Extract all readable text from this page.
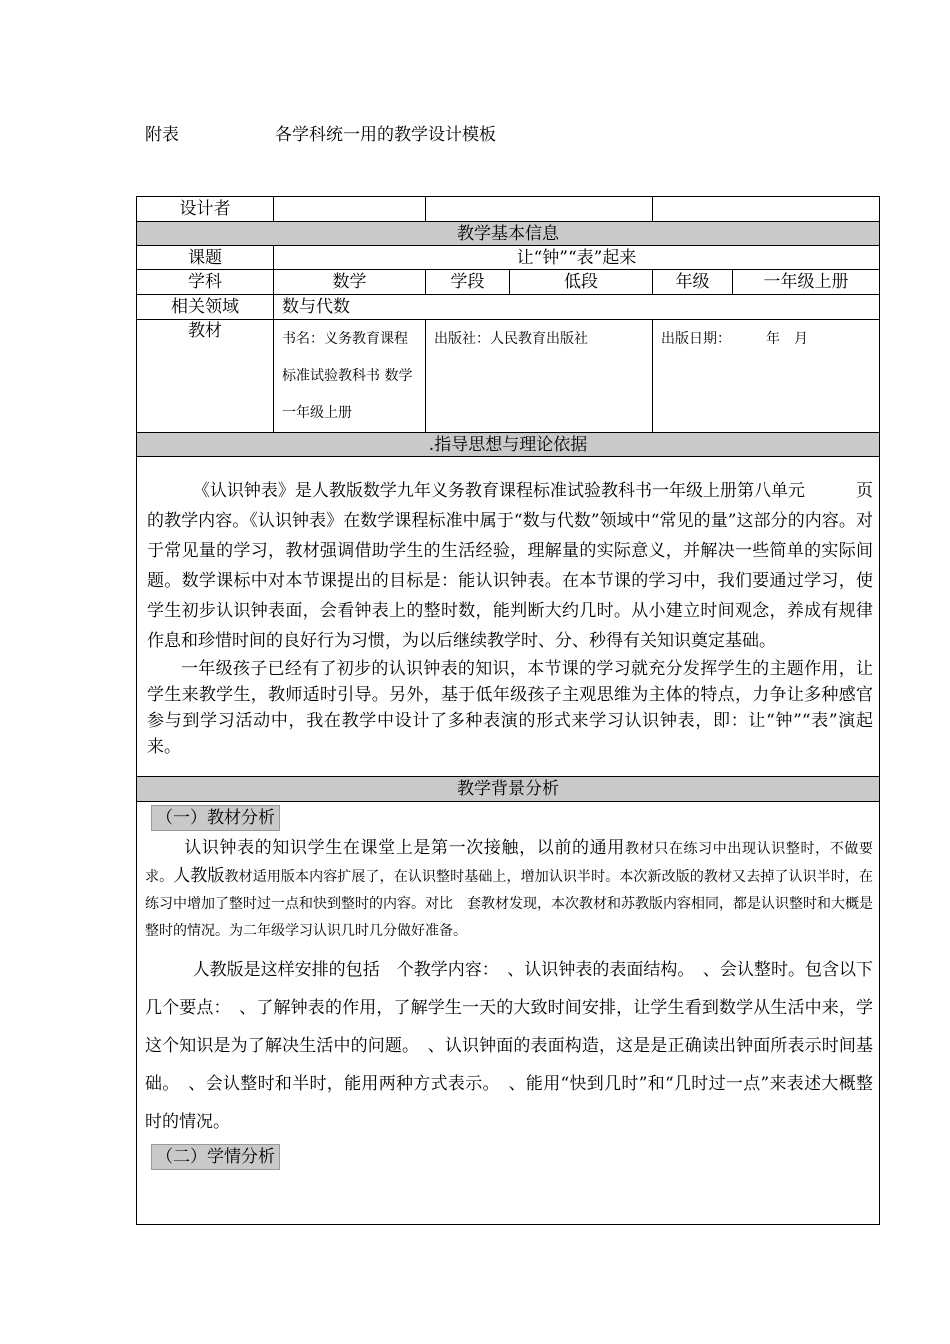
附表	各学科统一用的教学设计模板
设计者					
教学基本信息					
课题	让“钟”“表”起来				
学科	数学	学段	低段	年级	一年级上册
相关领域	数与代数				
教材	书名：义务教育课程标准试验教科书 数学 一年级上册	出版社：人民教育出版社		出版日期：　　　年　月	
.指导思想与理论依据					

《认识钟表》是人教版数学九年义务教育课程标准试验教科书一年级上册第八单元　　　页的教学内容。《认识钟表》在数学课程标准中属于“数与代数”领域中“常见的量”这部分的内容。对于常见量的学习，教材强调借助学生的生活经验，理解量的实际意义，并解决一些简单的实际间题。数学课标中对本节课提出的目标是：能认识钟表。在本节课的学习中，我们要通过学习，使学生初步认识钟表面，会看钟表上的整时数，能判断大约几时。从小建立时间观念，养成有规律作息和珍惜时间的良好行为习惯，为以后继续教学时、分、秒得有关知识奠定基础。

一年级孩子已经有了初步的认识钟表的知识，本节课的学习就充分发挥学生的主题作用，让学生来教学生，教师适时引导。另外，基于低年级孩子主观思维为主体的特点，力争让多种感官参与到学习活动中，我在教学中设计了多种表演的形式来学习认识钟表，即：让“钟”“表”演起来。					

教学背景分析					
（一）教材分析

认识钟表的知识学生在课堂上是第一次接触，以前的通用教材只在练习中出现认识整时，不做要求。人教版教材适用版本内容扩展了，在认识整时基础上，增加认识半时。本次新改版的教材又去掉了认识半时，在练习中增加了整时过一点和快到整时的内容。对比　套教材发现，本次教材和苏教版内容相同，都是认识整时和大概是整时的情况。为二年级学习认识几时几分做好准备。

人教版是这样安排的包括　个教学内容：　、认识钟表的表面结构。　、会认整时。包含以下几个要点：　、了解钟表的作用，了解学生一天的大致时间安排，让学生看到数学从生活中来，学这个知识是为了解决生活中的问题。　、认识钟面的表面构造，这是是正确读出钟面所表示时间基础。　、会认整时和半时，能用两种方式表示。　、能用“快到几时”和“几时过一点”来表述大概整时的情况。

（二）学情分析					
